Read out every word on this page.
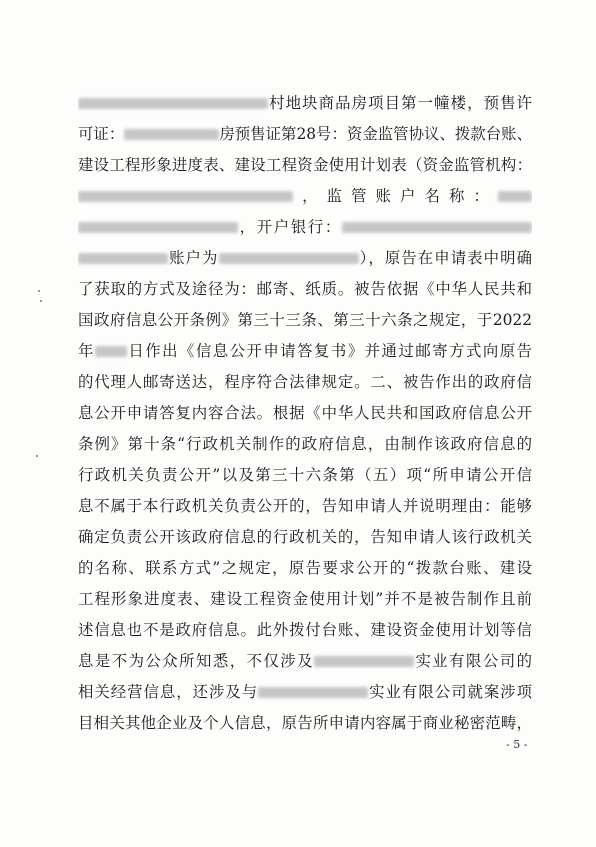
村地块商品房项目第一幢楼，预售许
可证：	房预售证第28号：资金监管协议、拨款台账、
建设工程形象进度表、建设工程资金使用计划表（资金监管机构：
，监管账户名称：
，开户银行：
账户为	），原告在申请表中明确
了获取的方式及途径为：邮寄、纸质。被告依据《中华人民共和
国政府信息公开条例》第三十三条、第三十六条之规定，于2022
年 日作出《信息公开申请答复书》并通过邮寄方式向原告
的代理人邮寄送达，程序符合法律规定。二、被告作出的政府信
息公开申请答复内容合法。根据《中华人民共和国政府信息公开
条例》第十条“行政机关制作的政府信息，由制作该政府信息的
行政机关负责公开”以及第三十六条第（五）项“所申请公开信
息不属于本行政机关负责公开的，告知申请人并说明理由：能够
确定负责公开该政府信息的行政机关的，告知申请人该行政机关
的名称、联系方式”之规定，原告要求公开的“拨款台账、建设
工程形象进度表、建设工程资金使用计划”并不是被告制作且前
述信息也不是政府信息。此外拨付台账、建设资金使用计划等信
息是不为公众所知悉，不仅涉及	实业有限公司的
相关经营信息，还涉及与	实业有限公司就案涉项
目相关其他企业及个人信息，原告所申请内容属于商业秘密范畴，
- 5 -
